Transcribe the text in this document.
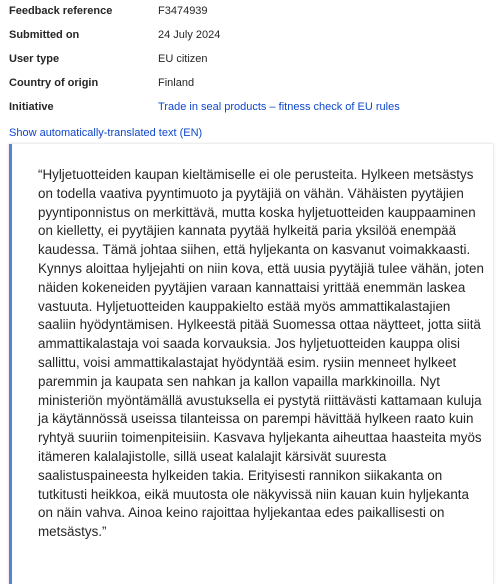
Feedback reference	F3474939
Submitted on	24 July 2024
User type	EU citizen
Country of origin	Finland
Initiative	Trade in seal products – fitness check of EU rules
Show automatically-translated text (EN)

“Hyljetuotteiden kaupan kieltämiselle ei ole perusteita. Hylkeen metsästys on todella vaativa pyyntimuoto ja pyytäjiä on vähän. Vähäisten pyytäjien pyyntiponnistus on merkittävä, mutta koska hyljetuotteiden kauppaaminen on kielletty, ei pyytäjien kannata pyytää hylkeitä paria yksilöä enempää kaudessa. Tämä johtaa siihen, että hyljekanta on kasvanut voimakkaasti. Kynnys aloittaa hyljejahti on niin kova, että uusia pyytäjiä tulee vähän, joten näiden kokeneiden pyytäjien varaan kannattaisi yrittää enemmän laskea vastuuta. Hyljetuotteiden kauppakielto estää myös ammattikalastajien saaliin hyödyntämisen. Hylkeestä pitää Suomessa ottaa näytteet, jotta siitä ammattikalastaja voi saada korvauksia. Jos hyljetuotteiden kauppa olisi sallittu, voisi ammattikalastajat hyödyntää esim. rysiin menneet hylkeet paremmin ja kaupata sen nahkan ja kallon vapailla markkinoilla. Nyt ministeriön myöntämällä avustuksella ei pystytä riittävästi kattamaan kuluja ja käytännössä useissa tilanteissa on parempi hävittää hylkeen raato kuin ryhtyä suuriin toimenpiteisiin. Kasvava hyljekanta aiheuttaa haasteita myös itämeren kalalajistolle, sillä useat kalalajit kärsivät suuresta saalistuspaineesta hylkeiden takia. Erityisesti rannikon siikakanta on tutkitusti heikkoa, eikä muutosta ole näkyvissä niin kauan kuin hyljekanta on näin vahva. Ainoa keino rajoittaa hyljekantaa edes paikallisesti on metsästys.”
